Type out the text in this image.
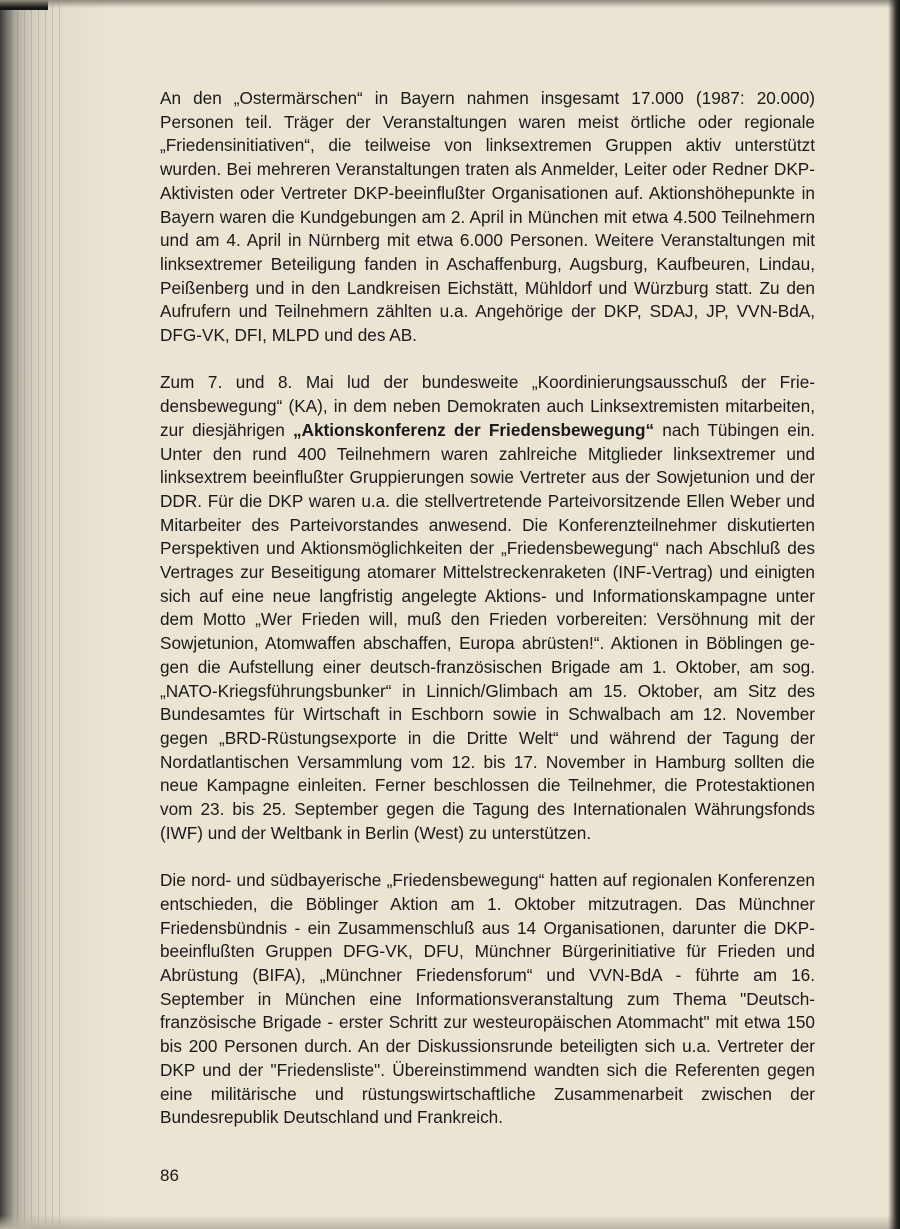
An den „Ostermärschen“ in Bayern nahmen insgesamt 17.000 (1987: 20.000) Personen teil. Träger der Veranstaltungen waren meist örtliche oder regionale „Friedensinitiativen“, die teilweise von linksextremen Gruppen aktiv unterstützt wurden. Bei mehreren Veranstaltungen traten als Anmelder, Leiter oder Redner DKP-Aktivisten oder Vertreter DKP-beeinflußter Organisationen auf. Aktionshöhepunkte in Bayern waren die Kundgebungen am 2. April in München mit etwa 4.500 Teilnehmern und am 4. April in Nürnberg mit etwa 6.000 Personen. Weitere Veranstaltungen mit linksextremer Beteiligung fanden in Aschaffenburg, Augsburg, Kaufbeuren, Lindau, Peißenberg und in den Landkreisen Eichstätt, Mühldorf und Würzburg statt. Zu den Aufrufern und Teilnehmern zählten u.a. Angehörige der DKP, SDAJ, JP, VVN-BdA, DFG-VK, DFI, MLPD und des AB.

Zum 7. und 8. Mai lud der bundesweite „Koordinierungsausschuß der Friedensbewegung“ (KA), in dem neben Demokraten auch Linksextremisten mitarbeiten, zur diesjährigen „Aktionskonferenz der Friedensbewegung“ nach Tübingen ein. Unter den rund 400 Teilnehmern waren zahlreiche Mitglieder linksextremer und linksextrem beeinflußter Gruppierungen sowie Vertreter aus der Sowjetunion und der DDR. Für die DKP waren u.a. die stellvertretende Parteivorsitzende Ellen Weber und Mitarbeiter des Parteivorstandes anwesend. Die Konferenzteilnehmer diskutierten Perspektiven und Aktionsmöglichkeiten der „Friedensbewegung“ nach Abschluß des Vertrages zur Beseitigung atomarer Mittelstreckenraketen (INF-Vertrag) und einigten sich auf eine neue langfristig angelegte Aktions- und Informationskampagne unter dem Motto „Wer Frieden will, muß den Frieden vorbereiten: Versöhnung mit der Sowjetunion, Atomwaffen abschaffen, Europa abrüsten!“. Aktionen in Böblingen gegen die Aufstellung einer deutsch-französischen Brigade am 1. Oktober, am sog. „NATO-Kriegsführungsbunker“ in Linnich/Glimbach am 15. Oktober, am Sitz des Bundesamtes für Wirtschaft in Eschborn sowie in Schwalbach am 12. November gegen „BRD-Rüstungsexporte in die Dritte Welt“ und während der Tagung der Nordatlantischen Versammlung vom 12. bis 17. November in Hamburg sollten die neue Kampagne einleiten. Ferner beschlossen die Teilnehmer, die Protestaktionen vom 23. bis 25. September gegen die Tagung des Internationalen Währungsfonds (IWF) und der Weltbank in Berlin (West) zu unterstützen.

Die nord- und südbayerische „Friedensbewegung“ hatten auf regionalen Konferenzen entschieden, die Böblinger Aktion am 1. Oktober mitzutragen. Das Münchner Friedensbündnis - ein Zusammenschluß aus 14 Organisationen, darunter die DKP-beeinflußten Gruppen DFG-VK, DFU, Münchner Bürgerinitiative für Frieden und Abrüstung (BIFA), „Münchner Friedensforum“ und VVN-BdA - führte am 16. September in München eine Informationsveranstaltung zum Thema "Deutsch-französische Brigade - erster Schritt zur westeuropäischen Atommacht" mit etwa 150 bis 200 Personen durch. An der Diskussionsrunde beteiligten sich u.a. Vertreter der DKP und der "Friedensliste". Übereinstimmend wandten sich die Referenten gegen eine militärische und rüstungswirtschaftliche Zusammenarbeit zwischen der Bundesrepublik Deutschland und Frankreich.

86
